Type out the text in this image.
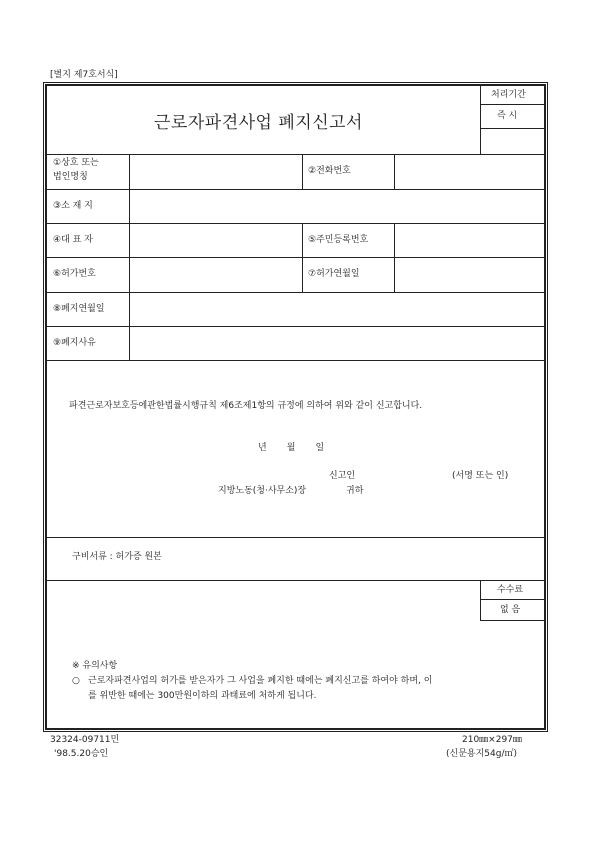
[별지 제7호서식]
근로자파견사업 폐지신고서
처리기간
즉 시
①상호 또는
법인명칭
②전화번호
③소 재 지
④대 표 자	⑤주민등록번호
⑥허가번호	⑦허가연월일
⑧폐지연월일
⑨폐지사유
파견근로자보호등에관한법률시행규칙 제6조제1항의 규정에 의하여 위와 같이 신고합니다.
년       월       일
신고인	(서명 또는 인)
지방노동(청·사무소)장	귀하
구비서류 : 허가증 원본
수수료
없 음
※ 유의사항
○ 근로자파견사업의 허가를 받은자가 그 사업을 폐지한 때에는 폐지신고를 하여야 하며, 이
를 위반한 때에는 300만원이하의 과태료에 처하게 됩니다.
32324-09711민
'98.5.20승인
210㎜×297㎜
(신문용지54g/㎡)
